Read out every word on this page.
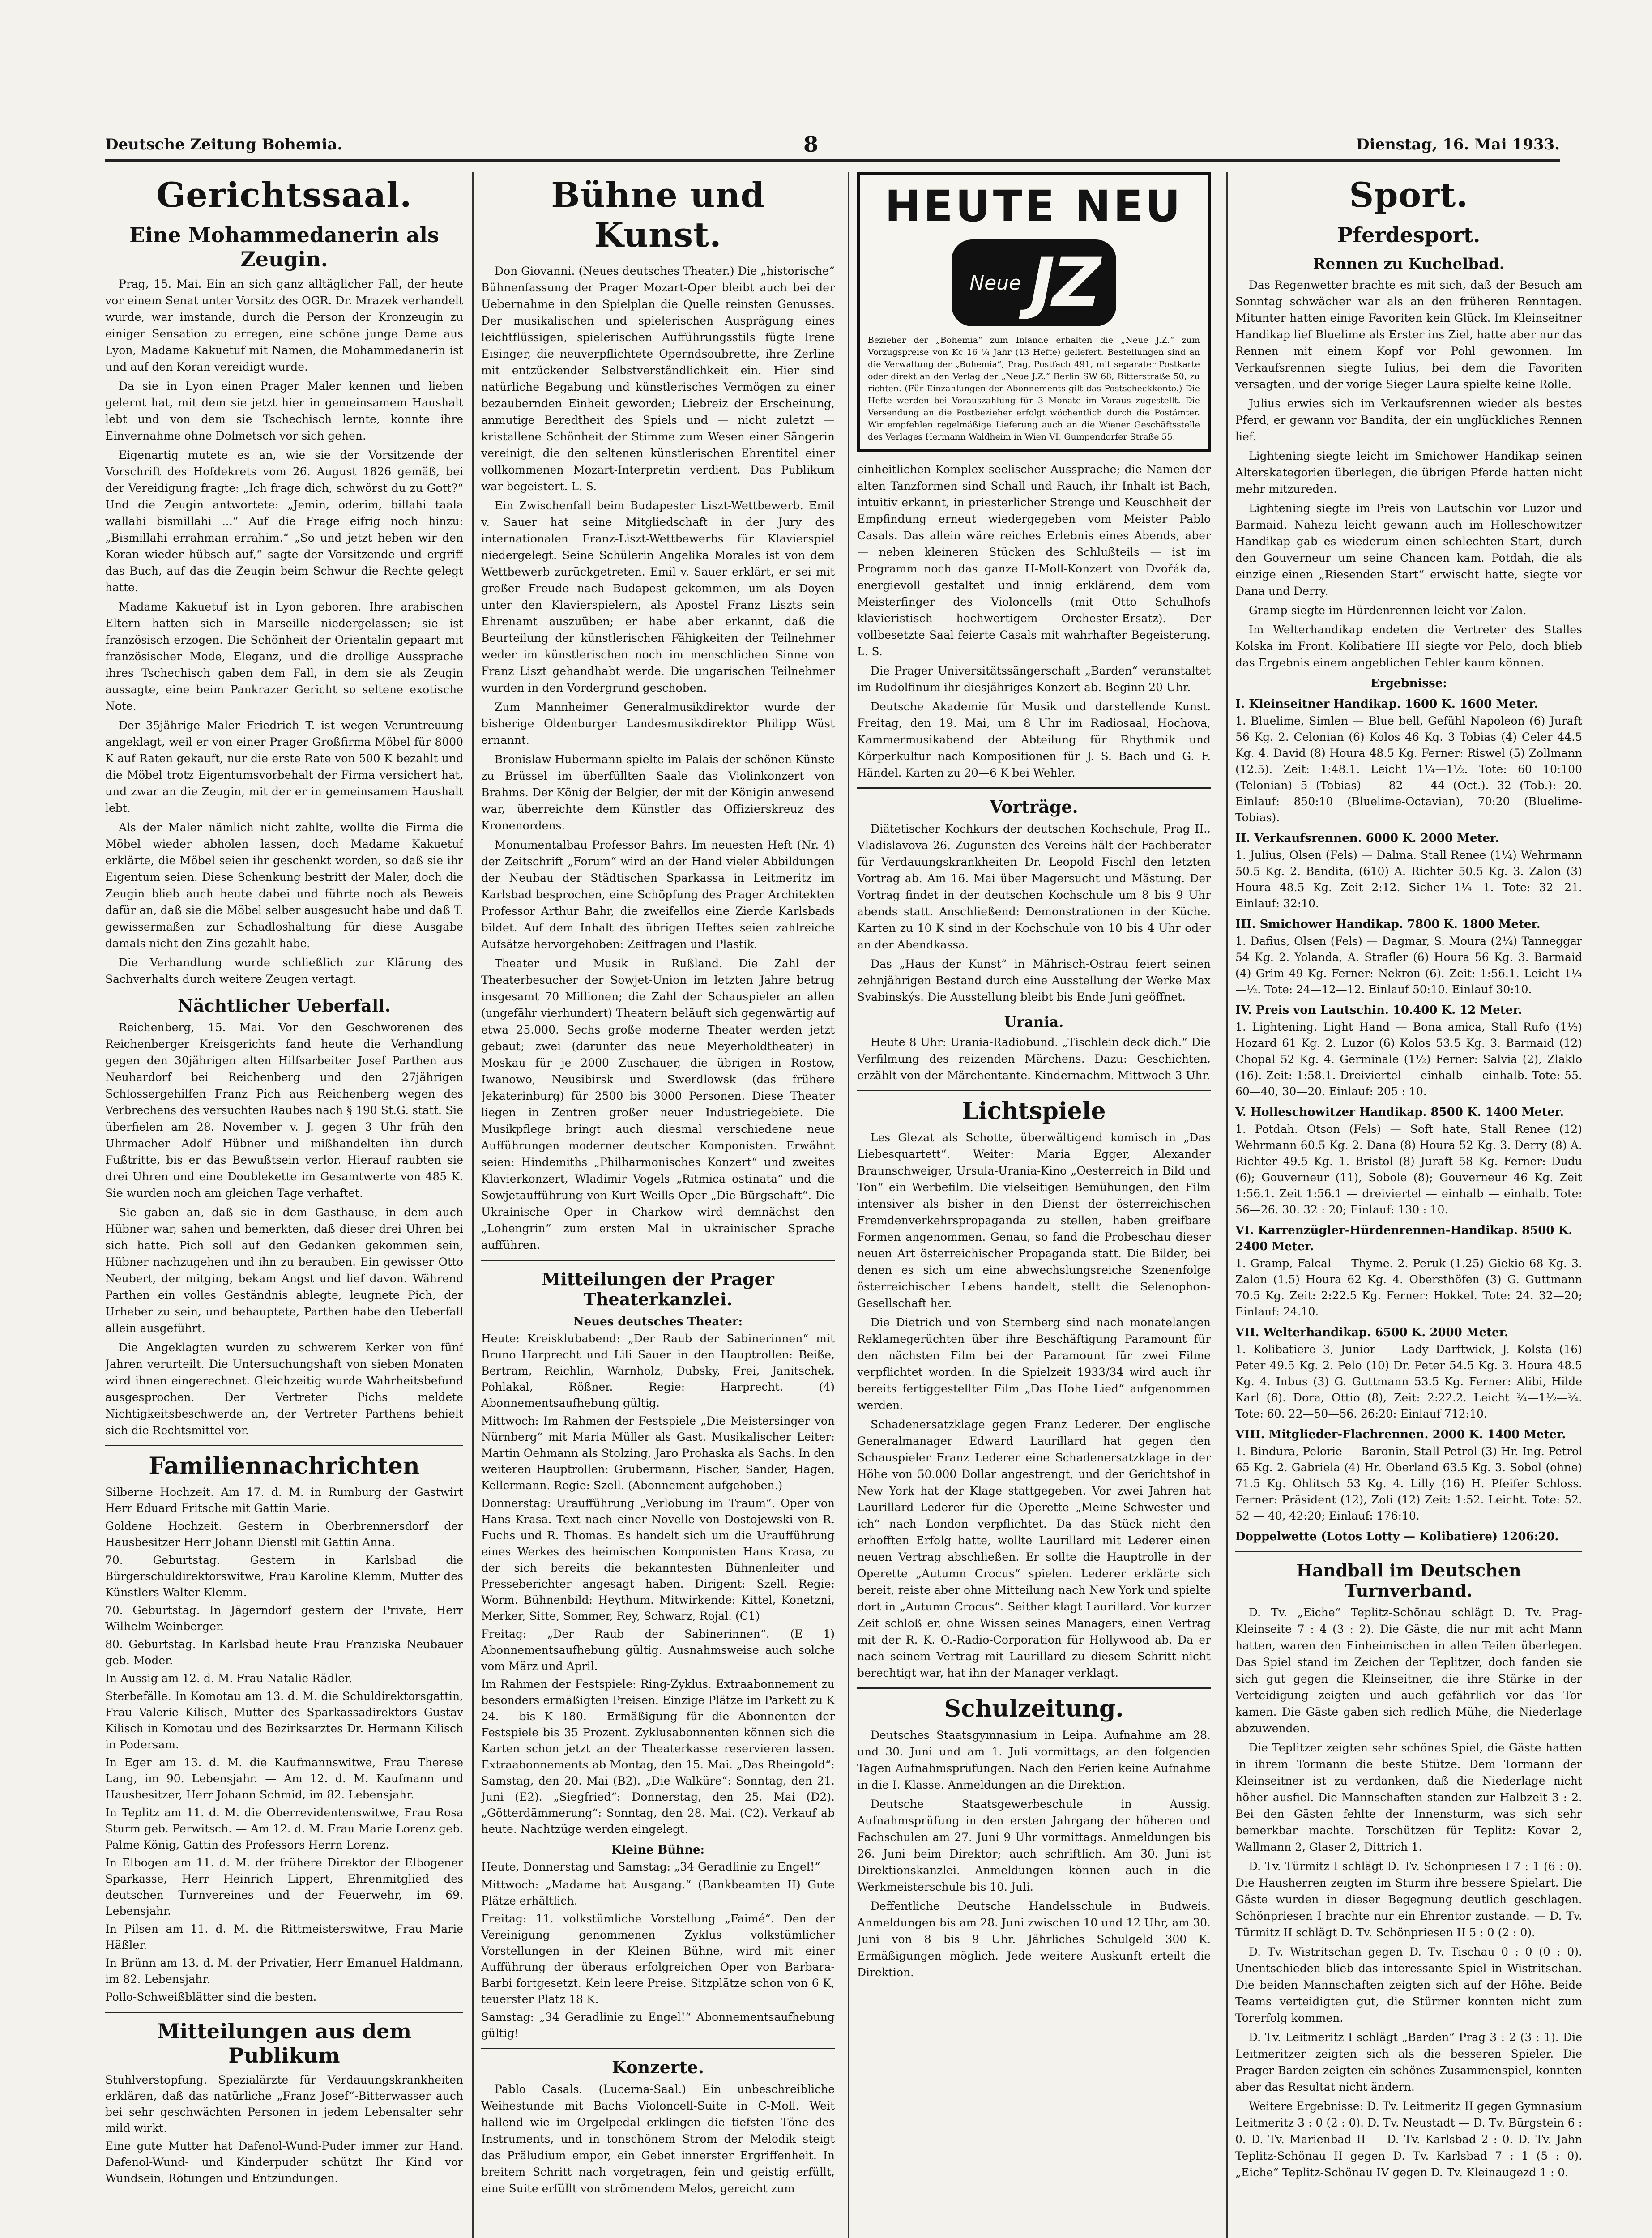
Deutsche Zeitung Bohemia.	8	Dienstag, 16. Mai 1933.
Gerichtssaal.
Eine Mohammedanerin als Zeugin.

Prag, 15. Mai. Ein an sich ganz alltäglicher Fall, der heute vor einem Senat unter Vorsitz des OGR. Dr. Mrazek verhandelt wurde, war imstande, durch die Person der Kronzeugin zu einiger Sensation zu erregen, eine schöne junge Dame aus Lyon, Madame Kakuetuf mit Namen, die Mohammedanerin ist und auf den Koran vereidigt wurde.

Da sie in Lyon einen Prager Maler kennen und lieben gelernt hat, mit dem sie jetzt hier in gemeinsamem Haushalt lebt und von dem sie Tschechisch lernte, konnte ihre Einvernahme ohne Dolmetsch vor sich gehen.

Eigenartig mutete es an, wie sie der Vorsitzende der Vorschrift des Hofdekrets vom 26. August 1826 gemäß, bei der Vereidigung fragte: „Ich frage dich, schwörst du zu Gott?“ Und die Zeugin antwortete: „Jemin, oderim, billahi taala wallahi bismillahi ...“ Auf die Frage eifrig noch hinzu: „Bismillahi errahman errahim.“ „So und jetzt heben wir den Koran wieder hübsch auf,“ sagte der Vorsitzende und ergriff das Buch, auf das die Zeugin beim Schwur die Rechte gelegt hatte.

Madame Kakuetuf ist in Lyon geboren. Ihre arabischen Eltern hatten sich in Marseille niedergelassen; sie ist französisch erzogen. Die Schönheit der Orientalin gepaart mit französischer Mode, Eleganz, und die drollige Aussprache ihres Tschechisch gaben dem Fall, in dem sie als Zeugin aussagte, eine beim Pankrazer Gericht so seltene exotische Note.

Der 35jährige Maler Friedrich T. ist wegen Veruntreuung angeklagt, weil er von einer Prager Großfirma Möbel für 8000 K auf Raten gekauft, nur die erste Rate von 500 K bezahlt und die Möbel trotz Eigentumsvorbehalt der Firma versichert hat, und zwar an die Zeugin, mit der er in gemeinsamem Haushalt lebt.

Als der Maler nämlich nicht zahlte, wollte die Firma die Möbel wieder abholen lassen, doch Madame Kakuetuf erklärte, die Möbel seien ihr geschenkt worden, so daß sie ihr Eigentum seien. Diese Schenkung bestritt der Maler, doch die Zeugin blieb auch heute dabei und führte noch als Beweis dafür an, daß sie die Möbel selber ausgesucht habe und daß T. gewissermaßen zur Schadloshaltung für diese Ausgabe damals nicht den Zins gezahlt habe.

Die Verhandlung wurde schließlich zur Klärung des Sachverhalts durch weitere Zeugen vertagt.

Nächtlicher Ueberfall.

Reichenberg, 15. Mai. Vor den Geschworenen des Reichenberger Kreisgerichts fand heute die Verhandlung gegen den 30jährigen alten Hilfsarbeiter Josef Parthen aus Neuhardorf bei Reichenberg und den 27jährigen Schlossergehilfen Franz Pich aus Reichenberg wegen des Verbrechens des versuchten Raubes nach § 190 St.G. statt. Sie überfielen am 28. November v. J. gegen 3 Uhr früh den Uhrmacher Adolf Hübner und mißhandelten ihn durch Fußtritte, bis er das Bewußtsein verlor. Hierauf raubten sie drei Uhren und eine Doublekette im Gesamtwerte von 485 K. Sie wurden noch am gleichen Tage verhaftet.

Sie gaben an, daß sie in dem Gasthause, in dem auch Hübner war, sahen und bemerkten, daß dieser drei Uhren bei sich hatte. Pich soll auf den Gedanken gekommen sein, Hübner nachzugehen und ihn zu berauben. Ein gewisser Otto Neubert, der mitging, bekam Angst und lief davon. Während Parthen ein volles Geständnis ablegte, leugnete Pich, der Urheber zu sein, und behauptete, Parthen habe den Ueberfall allein ausgeführt.

Die Angeklagten wurden zu schwerem Kerker von fünf Jahren verurteilt. Die Untersuchungshaft von sieben Monaten wird ihnen eingerechnet. Gleichzeitig wurde Wahrheitsbefund ausgesprochen. Der Vertreter Pichs meldete Nichtigkeitsbeschwerde an, der Vertreter Parthens behielt sich die Rechtsmittel vor.

Familiennachrichten

Silberne Hochzeit. Am 17. d. M. in Rumburg der Gastwirt Herr Eduard Fritsche mit Gattin Marie.

Goldene Hochzeit. Gestern in Oberbrennersdorf der Hausbesitzer Herr Johann Dienstl mit Gattin Anna.

70. Geburtstag. Gestern in Karlsbad die Bürgerschuldirektorswitwe, Frau Karoline Klemm, Mutter des Künstlers Walter Klemm.

70. Geburtstag. In Jägerndorf gestern der Private, Herr Wilhelm Weinberger.

80. Geburtstag. In Karlsbad heute Frau Franziska Neubauer geb. Moder.

In Aussig am 12. d. M. Frau Natalie Rädler.

Sterbefälle. In Komotau am 13. d. M. die Schuldirektorsgattin, Frau Valerie Kilisch, Mutter des Sparkassadirektors Gustav Kilisch in Komotau und des Bezirksarztes Dr. Hermann Kilisch in Podersam.

In Eger am 13. d. M. die Kaufmannswitwe, Frau Therese Lang, im 90. Lebensjahr. — Am 12. d. M. Kaufmann und Hausbesitzer, Herr Johann Schmid, im 82. Lebensjahr.

In Teplitz am 11. d. M. die Oberrevidentenswitwe, Frau Rosa Sturm geb. Perwitsch. — Am 12. d. M. Frau Marie Lorenz geb. Palme König, Gattin des Professors Herrn Lorenz.

In Elbogen am 11. d. M. der frühere Direktor der Elbogener Sparkasse, Herr Heinrich Lippert, Ehrenmitglied des deutschen Turnvereines und der Feuerwehr, im 69. Lebensjahr.

In Pilsen am 11. d. M. die Rittmeisterswitwe, Frau Marie Häßler.

In Brünn am 13. d. M. der Privatier, Herr Emanuel Haldmann, im 82. Lebensjahr.

Pollo-Schweißblätter sind die besten.

Mitteilungen aus dem Publikum

Stuhlverstopfung. Spezialärzte für Verdauungskrankheiten erklären, daß das natürliche „Franz Josef“-Bitterwasser auch bei sehr geschwächten Personen in jedem Lebensalter sehr mild wirkt.

Eine gute Mutter hat Dafenol-Wund-Puder immer zur Hand. Dafenol-Wund- und Kinderpuder schützt Ihr Kind vor Wundsein, Rötungen und Entzündungen.

Bühne und Kunst.

Don Giovanni. (Neues deutsches Theater.) Die „historische“ Bühnenfassung der Prager Mozart-Oper bleibt auch bei der Uebernahme in den Spielplan die Quelle reinsten Genusses. Der musikalischen und spielerischen Ausprägung eines leichtflüssigen, spielerischen Aufführungsstils fügte Irene Eisinger, die neuverpflichtete Operndsoubrette, ihre Zerline mit entzückender Selbstverständlichkeit ein. Hier sind natürliche Begabung und künstlerisches Vermögen zu einer bezaubernden Einheit geworden; Liebreiz der Erscheinung, anmutige Beredtheit des Spiels und — nicht zuletzt — kristallene Schönheit der Stimme zum Wesen einer Sängerin vereinigt, die den seltenen künstlerischen Ehrentitel einer vollkommenen Mozart-Interpretin verdient. Das Publikum war begeistert. L. S.

Ein Zwischenfall beim Budapester Liszt-Wettbewerb. Emil v. Sauer hat seine Mitgliedschaft in der Jury des internationalen Franz-Liszt-Wettbewerbs für Klavierspiel niedergelegt. Seine Schülerin Angelika Morales ist von dem Wettbewerb zurückgetreten. Emil v. Sauer erklärt, er sei mit großer Freude nach Budapest gekommen, um als Doyen unter den Klavierspielern, als Apostel Franz Liszts sein Ehrenamt auszuüben; er habe aber erkannt, daß die Beurteilung der künstlerischen Fähigkeiten der Teilnehmer weder im künstlerischen noch im menschlichen Sinne von Franz Liszt gehandhabt werde. Die ungarischen Teilnehmer wurden in den Vordergrund geschoben.

Zum Mannheimer Generalmusikdirektor wurde der bisherige Oldenburger Landesmusikdirektor Philipp Wüst ernannt.

Bronislaw Hubermann spielte im Palais der schönen Künste zu Brüssel im überfüllten Saale das Violinkonzert von Brahms. Der König der Belgier, der mit der Königin anwesend war, überreichte dem Künstler das Offizierskreuz des Kronenordens.

Monumentalbau Professor Bahrs. Im neuesten Heft (Nr. 4) der Zeitschrift „Forum“ wird an der Hand vieler Abbildungen der Neubau der Städtischen Sparkassa in Leitmeritz im Karlsbad besprochen, eine Schöpfung des Prager Architekten Professor Arthur Bahr, die zweifellos eine Zierde Karlsbads bildet. Auf dem Inhalt des übrigen Heftes seien zahlreiche Aufsätze hervorgehoben: Zeitfragen und Plastik.

Theater und Musik in Rußland. Die Zahl der Theaterbesucher der Sowjet-Union im letzten Jahre betrug insgesamt 70 Millionen; die Zahl der Schauspieler an allen (ungefähr vierhundert) Theatern beläuft sich gegenwärtig auf etwa 25.000. Sechs große moderne Theater werden jetzt gebaut; zwei (darunter das neue Meyerholdtheater) in Moskau für je 2000 Zuschauer, die übrigen in Rostow, Iwanowo, Neusibirsk und Swerdlowsk (das frühere Jekaterinburg) für 2500 bis 3000 Personen. Diese Theater liegen in Zentren großer neuer Industriegebiete. Die Musikpflege bringt auch diesmal verschiedene neue Aufführungen moderner deutscher Komponisten. Erwähnt seien: Hindemiths „Philharmonisches Konzert“ und zweites Klavierkonzert, Wladimir Vogels „Ritmica ostinata“ und die Sowjetaufführung von Kurt Weills Oper „Die Bürgschaft“. Die Ukrainische Oper in Charkow wird demnächst den „Lohengrin“ zum ersten Mal in ukrainischer Sprache aufführen.

Mitteilungen der Prager Theaterkanzlei.
Neues deutsches Theater:

Heute: Kreisklubabend: „Der Raub der Sabinerinnen“ mit Bruno Harprecht und Lili Sauer in den Hauptrollen: Beiße, Bertram, Reichlin, Warnholz, Dubsky, Frei, Janitschek, Pohlakal, Rößner. Regie: Harprecht. (4) Abonnementsaufhebung gültig.

Mittwoch: Im Rahmen der Festspiele „Die Meistersinger von Nürnberg“ mit Maria Müller als Gast. Musikalischer Leiter: Martin Oehmann als Stolzing, Jaro Prohaska als Sachs. In den weiteren Hauptrollen: Grubermann, Fischer, Sander, Hagen, Kellermann. Regie: Szell. (Abonnement aufgehoben.)

Donnerstag: Uraufführung „Verlobung im Traum“. Oper von Hans Krasa. Text nach einer Novelle von Dostojewski von R. Fuchs und R. Thomas. Es handelt sich um die Uraufführung eines Werkes des heimischen Komponisten Hans Krasa, zu der sich bereits die bekanntesten Bühnenleiter und Presseberichter angesagt haben. Dirigent: Szell. Regie: Worm. Bühnenbild: Heythum. Mitwirkende: Kittel, Konetzni, Merker, Sitte, Sommer, Rey, Schwarz, Rojal. (C1)

Freitag: „Der Raub der Sabinerinnen“. (E 1) Abonnementsaufhebung gültig. Ausnahmsweise auch solche vom März und April.

Im Rahmen der Festspiele: Ring-Zyklus. Extraabonnement zu besonders ermäßigten Preisen. Einzige Plätze im Parkett zu K 24.— bis K 180.— Ermäßigung für die Abonnenten der Festspiele bis 35 Prozent. Zyklusabonnenten können sich die Karten schon jetzt an der Theaterkasse reservieren lassen. Extraabonnements ab Montag, den 15. Mai. „Das Rheingold“: Samstag, den 20. Mai (B2). „Die Walküre“: Sonntag, den 21. Juni (E2). „Siegfried“: Donnerstag, den 25. Mai (D2). „Götterdämmerung“: Sonntag, den 28. Mai. (C2). Verkauf ab heute. Nachtzüge werden eingelegt.

Kleine Bühne:

Heute, Donnerstag und Samstag: „34 Geradlinie zu Engel!“

Mittwoch: „Madame hat Ausgang.“ (Bankbeamten II) Gute Plätze erhältlich.

Freitag: 11. volkstümliche Vorstellung „Faimé“. Den der Vereinigung genommenen Zyklus volkstümlicher Vorstellungen in der Kleinen Bühne, wird mit einer Aufführung der überaus erfolgreichen Oper von Barbara-Barbi fortgesetzt. Kein leere Preise. Sitzplätze schon von 6 K, teuerster Platz 18 K.

Samstag: „34 Geradlinie zu Engel!“ Abonnementsaufhebung gültig!

Konzerte.

Pablo Casals. (Lucerna-Saal.) Ein unbeschreibliche Weihestunde mit Bachs Violoncell-Suite in C-Moll. Weit hallend wie im Orgelpedal erklingen die tiefsten Töne des Instruments, und in tonschönem Strom der Melodik steigt das Präludium empor, ein Gebet innerster Ergriffenheit. In breitem Schritt nach vorgetragen, fein und geistig erfüllt, eine Suite erfüllt von strömendem Melos, gereicht zum

HEUTE NEU
Neue JZ
Bezieher der „Bohemia“ zum Inlande erhalten die „Neue J.Z.“ zum Vorzugspreise von Kc 16 ¼ Jahr (13 Hefte) geliefert. Bestellungen sind an die Verwaltung der „Bohemia“, Prag, Postfach 491, mit separater Postkarte oder direkt an den Verlag der „Neue J.Z.“ Berlin SW 68, Ritterstraße 50, zu richten. (Für Einzahlungen der Abonnements gilt das Postscheckkonto.) Die Hefte werden bei Vorauszahlung für 3 Monate im Voraus zugestellt. Die Versendung an die Postbezieher erfolgt wöchentlich durch die Postämter. Wir empfehlen regelmäßige Lieferung auch an die Wiener Geschäftsstelle des Verlages Hermann Waldheim in Wien VI, Gumpendorfer Straße 55.

einheitlichen Komplex seelischer Aussprache; die Namen der alten Tanzformen sind Schall und Rauch, ihr Inhalt ist Bach, intuitiv erkannt, in priesterlicher Strenge und Keuschheit der Empfindung erneut wiedergegeben vom Meister Pablo Casals. Das allein wäre reiches Erlebnis eines Abends, aber — neben kleineren Stücken des Schlußteils — ist im Programm noch das ganze H-Moll-Konzert von Dvořák da, energievoll gestaltet und innig erklärend, dem vom Meisterfinger des Violoncells (mit Otto Schulhofs klavieristisch hochwertigem Orchester-Ersatz). Der vollbesetzte Saal feierte Casals mit wahrhafter Begeisterung. L. S.

Die Prager Universitätssängerschaft „Barden“ veranstaltet im Rudolfinum ihr diesjähriges Konzert ab. Beginn 20 Uhr.

Deutsche Akademie für Musik und darstellende Kunst. Freitag, den 19. Mai, um 8 Uhr im Radiosaal, Hochova, Kammermusikabend der Abteilung für Rhythmik und Körperkultur nach Kompositionen für J. S. Bach und G. F. Händel. Karten zu 20—6 K bei Wehler.

Vorträge.

Diätetischer Kochkurs der deutschen Kochschule, Prag II., Vladislavova 26. Zugunsten des Vereins hält der Fachberater für Verdauungskrankheiten Dr. Leopold Fischl den letzten Vortrag ab. Am 16. Mai über Magersucht und Mästung. Der Vortrag findet in der deutschen Kochschule um 8 bis 9 Uhr abends statt. Anschließend: Demonstrationen in der Küche. Karten zu 10 K sind in der Kochschule von 10 bis 4 Uhr oder an der Abendkassa.

Das „Haus der Kunst“ in Mährisch-Ostrau feiert seinen zehnjährigen Bestand durch eine Ausstellung der Werke Max Svabinskýs. Die Ausstellung bleibt bis Ende Juni geöffnet.

Urania.

Heute 8 Uhr: Urania-Radiobund. „Tischlein deck dich.“ Die Verfilmung des reizenden Märchens. Dazu: Geschichten, erzählt von der Märchentante. Kindernachm. Mittwoch 3 Uhr.

Lichtspiele

Les Glezat als Schotte, überwältigend komisch in „Das Liebesquartett“. Weiter: Maria Egger, Alexander Braunschweiger, Ursula-Urania-Kino „Oesterreich in Bild und Ton“ ein Werbefilm. Die vielseitigen Bemühungen, den Film intensiver als bisher in den Dienst der österreichischen Fremdenverkehrspropaganda zu stellen, haben greifbare Formen angenommen. Genau, so fand die Probeschau dieser neuen Art österreichischer Propaganda statt. Die Bilder, bei denen es sich um eine abwechslungsreiche Szenenfolge österreichischer Lebens handelt, stellt die Selenophon-Gesellschaft her.

Die Dietrich und von Sternberg sind nach monatelangen Reklamegerüchten über ihre Beschäftigung Paramount für den nächsten Film bei der Paramount für zwei Filme verpflichtet worden. In die Spielzeit 1933/34 wird auch ihr bereits fertiggestellter Film „Das Hohe Lied“ aufgenommen werden.

Schadenersatzklage gegen Franz Lederer. Der englische Generalmanager Edward Laurillard hat gegen den Schauspieler Franz Lederer eine Schadenersatzklage in der Höhe von 50.000 Dollar angestrengt, und der Gerichtshof in New York hat der Klage stattgegeben. Vor zwei Jahren hat Laurillard Lederer für die Operette „Meine Schwester und ich“ nach London verpflichtet. Da das Stück nicht den erhofften Erfolg hatte, wollte Laurillard mit Lederer einen neuen Vertrag abschließen. Er sollte die Hauptrolle in der Operette „Autumn Crocus“ spielen. Lederer erklärte sich bereit, reiste aber ohne Mitteilung nach New York und spielte dort in „Autumn Crocus“. Seither klagt Laurillard. Vor kurzer Zeit schloß er, ohne Wissen seines Managers, einen Vertrag mit der R. K. O.-Radio-Corporation für Hollywood ab. Da er nach seinem Vertrag mit Laurillard zu diesem Schritt nicht berechtigt war, hat ihn der Manager verklagt.

Schulzeitung.

Deutsches Staatsgymnasium in Leipa. Aufnahme am 28. und 30. Juni und am 1. Juli vormittags, an den folgenden Tagen Aufnahmsprüfungen. Nach den Ferien keine Aufnahme in die I. Klasse. Anmeldungen an die Direktion.

Deutsche Staatsgewerbeschule in Aussig. Aufnahmsprüfung in den ersten Jahrgang der höheren und Fachschulen am 27. Juni 9 Uhr vormittags. Anmeldungen bis 26. Juni beim Direktor; auch schriftlich. Am 30. Juni ist Direktionskanzlei. Anmeldungen können auch in die Werkmeisterschule bis 10. Juli.

Deffentliche Deutsche Handelsschule in Budweis. Anmeldungen bis am 28. Juni zwischen 10 und 12 Uhr, am 30. Juni von 8 bis 9 Uhr. Jährliches Schulgeld 300 K. Ermäßigungen möglich. Jede weitere Auskunft erteilt die Direktion.

Sport.
Pferdesport.
Rennen zu Kuchelbad.

Das Regenwetter brachte es mit sich, daß der Besuch am Sonntag schwächer war als an den früheren Renntagen. Mitunter hatten einige Favoriten kein Glück. Im Kleinseitner Handikap lief Bluelime als Erster ins Ziel, hatte aber nur das Rennen mit einem Kopf vor Pohl gewonnen. Im Verkaufsrennen siegte Iulius, bei dem die Favoriten versagten, und der vorige Sieger Laura spielte keine Rolle.

Julius erwies sich im Verkaufsrennen wieder als bestes Pferd, er gewann vor Bandita, der ein unglückliches Rennen lief.

Lightening siegte leicht im Smichower Handikap seinen Alterskategorien überlegen, die übrigen Pferde hatten nicht mehr mitzureden.

Lightening siegte im Preis von Lautschin vor Luzor und Barmaid. Nahezu leicht gewann auch im Holleschowitzer Handikap gab es wiederum einen schlechten Start, durch den Gouverneur um seine Chancen kam. Potdah, die als einzige einen „Riesenden Start“ erwischt hatte, siegte vor Dana und Derry.

Gramp siegte im Hürdenrennen leicht vor Zalon.

Im Welterhandikap endeten die Vertreter des Stalles Kolska im Front. Kolibatiere III siegte vor Pelo, doch blieb das Ergebnis einem angeblichen Fehler kaum können.

Ergebnisse:
I. Kleinseitner Handikap. 1600 K. 1600 Meter.

1. Bluelime, Simlen — Blue bell, Gefühl Napoleon (6) Juraft 56 Kg. 2. Celonian (6) Kolos 46 Kg. 3 Tobias (4) Celer 44.5 Kg. 4. David (8) Houra 48.5 Kg. Ferner: Riswel (5) Zollmann (12.5). Zeit: 1:48.1. Leicht 1¼—1½. Tote: 60 10:100 (Telonian) 5 (Tobias) — 82 — 44 (Oct.). 32 (Tob.): 20. Einlauf: 850:10 (Bluelime-Octavian), 70:20 (Bluelime-Tobias).

II. Verkaufsrennen. 6000 K. 2000 Meter.

1. Julius, Olsen (Fels) — Dalma. Stall Renee (1¼) Wehrmann 50.5 Kg. 2. Bandita, (610) A. Richter 50.5 Kg. 3. Zalon (3) Houra 48.5 Kg. Zeit 2:12. Sicher 1¼—1. Tote: 32—21. Einlauf: 32:10.

III. Smichower Handikap. 7800 K. 1800 Meter.

1. Dafius, Olsen (Fels) — Dagmar, S. Moura (2¼) Tanneggar 54 Kg. 2. Yolanda, A. Strafler (6) Houra 56 Kg. 3. Barmaid (4) Grim 49 Kg. Ferner: Nekron (6). Zeit: 1:56.1. Leicht 1¼—½. Tote: 24—12—12. Einlauf 50:10. Einlauf 30:10.

IV. Preis von Lautschin. 10.400 K. 12 Meter.

1. Lightening. Light Hand — Bona amica, Stall Rufo (1½) Hozard 61 Kg. 2. Luzor (6) Kolos 53.5 Kg. 3. Barmaid (12) Chopal 52 Kg. 4. Germinale (1½) Ferner: Salvia (2), Zlaklo (16). Zeit: 1:58.1. Dreiviertel — einhalb — einhalb. Tote: 55. 60—40, 30—20. Einlauf: 205 : 10.

V. Holleschowitzer Handikap. 8500 K. 1400 Meter.

1. Potdah. Otson (Fels) — Soft hate, Stall Renee (12) Wehrmann 60.5 Kg. 2. Dana (8) Houra 52 Kg. 3. Derry (8) A. Richter 49.5 Kg. 1. Bristol (8) Juraft 58 Kg. Ferner: Dudu (6); Gouverneur (11), Sobole (8); Gouverneur 46 Kg. Zeit 1:56.1. Zeit 1:56.1 — dreiviertel — einhalb — einhalb. Tote: 56—26. 30. 32 : 20; Einlauf: 130 : 10.

VI. Karrenzügler-Hürdenrennen-Handikap. 8500 K. 2400 Meter.

1. Gramp, Falcal — Thyme. 2. Peruk (1.25) Giekio 68 Kg. 3. Zalon (1.5) Houra 62 Kg. 4. Obersthöfen (3) G. Guttmann 70.5 Kg. Zeit: 2:22.5 Kg. Ferner: Hokkel. Tote: 24. 32—20; Einlauf: 24.10.

VII. Welterhandikap. 6500 K. 2000 Meter.

1. Kolibatiere 3, Junior — Lady Darftwick, J. Kolsta (16) Peter 49.5 Kg. 2. Pelo (10) Dr. Peter 54.5 Kg. 3. Houra 48.5 Kg. 4. Inbus (3) G. Guttmann 53.5 Kg. Ferner: Alibi, Hilde Karl (6). Dora, Ottio (8), Zeit: 2:22.2. Leicht ¾—1½—¾. Tote: 60. 22—50—56. 26:20: Einlauf 712:10.

VIII. Mitglieder-Flachrennen. 2000 K. 1400 Meter.

1. Bindura, Pelorie — Baronin, Stall Petrol (3) Hr. Ing. Petrol 65 Kg. 2. Gabriela (4) Hr. Oberland 63.5 Kg. 3. Sobol (ohne) 71.5 Kg. Ohlitsch 53 Kg. 4. Lilly (16) H. Pfeifer Schloss. Ferner: Präsident (12), Zoli (12) Zeit: 1:52. Leicht. Tote: 52. 52 — 40, 42:20; Einlauf: 176:10.

Doppelwette (Lotos Lotty — Kolibatiere) 1206:20.
Handball im Deutschen Turnverband.

D. Tv. „Eiche“ Teplitz-Schönau schlägt D. Tv. Prag-Kleinseite 7 : 4 (3 : 2). Die Gäste, die nur mit acht Mann hatten, waren den Einheimischen in allen Teilen überlegen. Das Spiel stand im Zeichen der Teplitzer, doch fanden sie sich gut gegen die Kleinseitner, die ihre Stärke in der Verteidigung zeigten und auch gefährlich vor das Tor kamen. Die Gäste gaben sich redlich Mühe, die Niederlage abzuwenden.

Die Teplitzer zeigten sehr schönes Spiel, die Gäste hatten in ihrem Tormann die beste Stütze. Dem Tormann der Kleinseitner ist zu verdanken, daß die Niederlage nicht höher ausfiel. Die Mannschaften standen zur Halbzeit 3 : 2. Bei den Gästen fehlte der Innensturm, was sich sehr bemerkbar machte. Torschützen für Teplitz: Kovar 2, Wallmann 2, Glaser 2, Dittrich 1.

D. Tv. Türmitz I schlägt D. Tv. Schönpriesen I 7 : 1 (6 : 0). Die Hausherren zeigten im Sturm ihre bessere Spielart. Die Gäste wurden in dieser Begegnung deutlich geschlagen. Schönpriesen I brachte nur ein Ehrentor zustande. — D. Tv. Türmitz II schlägt D. Tv. Schönpriesen II 5 : 0 (2 : 0).

D. Tv. Wistritschan gegen D. Tv. Tischau 0 : 0 (0 : 0). Unentschieden blieb das interessante Spiel in Wistritschan. Die beiden Mannschaften zeigten sich auf der Höhe. Beide Teams verteidigten gut, die Stürmer konnten nicht zum Torerfolg kommen.

D. Tv. Leitmeritz I schlägt „Barden“ Prag 3 : 2 (3 : 1). Die Leitmeritzer zeigten sich als die besseren Spieler. Die Prager Barden zeigten ein schönes Zusammenspiel, konnten aber das Resultat nicht ändern.

Weitere Ergebnisse: D. Tv. Leitmeritz II gegen Gymnasium Leitmeritz 3 : 0 (2 : 0). D. Tv. Neustadt — D. Tv. Bürgstein 6 : 0. D. Tv. Marienbad II — D. Tv. Karlsbad 2 : 0. D. Tv. Jahn Teplitz-Schönau II gegen D. Tv. Karlsbad 7 : 1 (5 : 0). „Eiche“ Teplitz-Schönau IV gegen D. Tv. Kleinaugezd 1 : 0.
